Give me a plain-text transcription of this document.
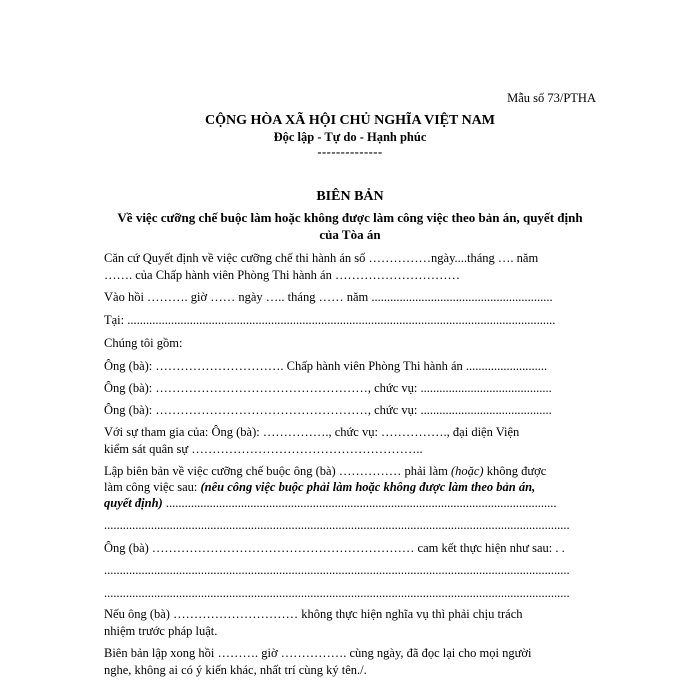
Mẫu số 73/PTHA
CỘNG HÒA XÃ HỘI CHỦ NGHĨA VIỆT NAM
Độc lập - Tự do - Hạnh phúc
--------------
BIÊN BẢN
Về việc cưỡng chế buộc làm hoặc không được làm công việc theo bản án, quyết định
của Tòa án
Căn cứ Quyết định về việc cưỡng chế thi hành án số ……………ngày....tháng …. năm
……. của Chấp hành viên Phòng Thi hành án …………………………
Vào hồi ………. giờ …… ngày ….. tháng …… năm ..........................................................
Tại: .........................................................................................................................................
Chúng tôi gồm:
Ông (bà): …………………………. Chấp hành viên Phòng Thi hành án ..........................
Ông (bà): ……………………………………………, chức vụ: ..........................................
Ông (bà): ……………………………………………, chức vụ: ..........................................
Với sự tham gia của: Ông (bà): ……………., chức vụ: ……………., đại diện Viện
kiểm sát quân sự ………………………………………………..
Lập biên bản về việc cưỡng chế buộc ông (bà) …………… phải làm (hoặc) không được
làm công việc sau: (nêu công việc buộc phải làm hoặc không được làm theo bản án,
quyết định) .............................................................................................................................
.....................................................................................................................................................
Ông (bà) ……………………………………………………… cam kết thực hiện như sau: . .
.....................................................................................................................................................
.....................................................................................................................................................
Nếu ông (bà) ………………………… không thực hiện nghĩa vụ thì phải chịu trách
nhiệm trước pháp luật.
Biên bản lập xong hồi ………. giờ ……………. cùng ngày, đã đọc lại cho mọi người
nghe, không ai có ý kiến khác, nhất trí cùng ký tên./.
